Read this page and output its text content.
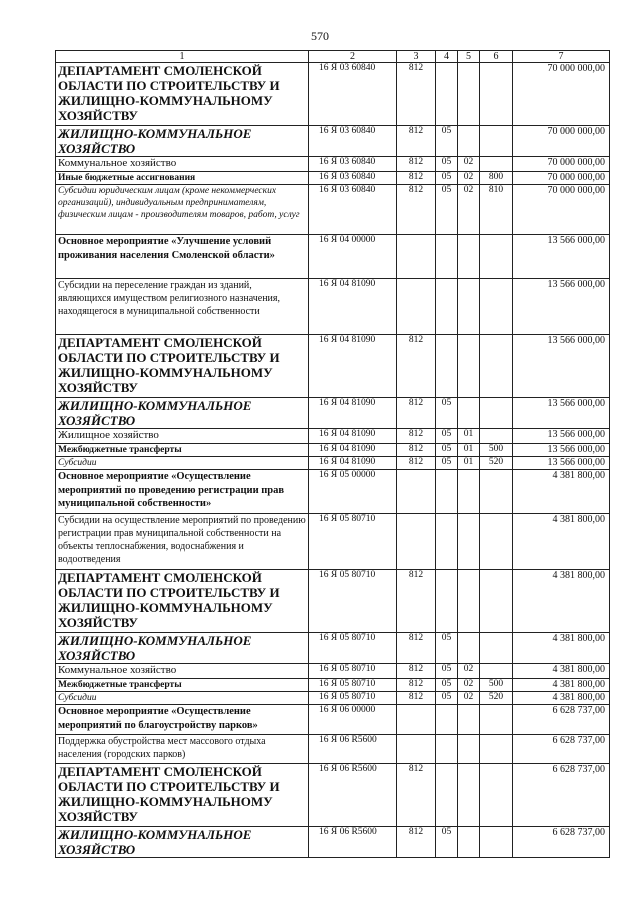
570
1	2	3	4	5	6	7
ДЕПАРТАМЕНТ СМОЛЕНСКОЙ ОБЛАСТИ ПО СТРОИТЕЛЬСТВУ И ЖИЛИЩНО-КОММУНАЛЬНОМУ ХОЗЯЙСТВУ	16 Я 03 60840	812				70 000 000,00
ЖИЛИЩНО-КОММУНАЛЬНОЕ ХОЗЯЙСТВО	16 Я 03 60840	812	05			70 000 000,00
Коммунальное хозяйство	16 Я 03 60840	812	05	02		70 000 000,00
Иные бюджетные ассигнования	16 Я 03 60840	812	05	02	800	70 000 000,00
Субсидии юридическим лицам (кроме некоммерческих организаций), индивидуальным предпринимателям, физическим лицам - производителям товаров, работ, услуг	16 Я 03 60840	812	05	02	810	70 000 000,00
Основное мероприятие «Улучшение условий проживания населения Смоленской области»	16 Я 04 00000					13 566 000,00
Субсидии на переселение граждан из зданий, являющихся имуществом религиозного назначения, находящегося в муниципальной собственности	16 Я 04 81090					13 566 000,00
ДЕПАРТАМЕНТ СМОЛЕНСКОЙ ОБЛАСТИ ПО СТРОИТЕЛЬСТВУ И ЖИЛИЩНО-КОММУНАЛЬНОМУ ХОЗЯЙСТВУ	16 Я 04 81090	812				13 566 000,00
ЖИЛИЩНО-КОММУНАЛЬНОЕ ХОЗЯЙСТВО	16 Я 04 81090	812	05			13 566 000,00
Жилищное хозяйство	16 Я 04 81090	812	05	01		13 566 000,00
Межбюджетные трансферты	16 Я 04 81090	812	05	01	500	13 566 000,00
Субсидии	16 Я 04 81090	812	05	01	520	13 566 000,00
Основное мероприятие «Осуществление мероприятий по проведению регистрации прав муниципальной собственности»	16 Я 05 00000					4 381 800,00
Субсидии на осуществление мероприятий по проведению регистрации прав муниципальной собственности на объекты теплоснабжения, водоснабжения и водоотведения	16 Я 05 80710					4 381 800,00
ДЕПАРТАМЕНТ СМОЛЕНСКОЙ ОБЛАСТИ ПО СТРОИТЕЛЬСТВУ И ЖИЛИЩНО-КОММУНАЛЬНОМУ ХОЗЯЙСТВУ	16 Я 05 80710	812				4 381 800,00
ЖИЛИЩНО-КОММУНАЛЬНОЕ ХОЗЯЙСТВО	16 Я 05 80710	812	05			4 381 800,00
Коммунальное хозяйство	16 Я 05 80710	812	05	02		4 381 800,00
Межбюджетные трансферты	16 Я 05 80710	812	05	02	500	4 381 800,00
Субсидии	16 Я 05 80710	812	05	02	520	4 381 800,00
Основное мероприятие «Осуществление мероприятий по благоустройству парков»	16 Я 06 00000					6 628 737,00
Поддержка обустройства мест массового отдыха населения (городских парков)	16 Я 06 R5600					6 628 737,00
ДЕПАРТАМЕНТ СМОЛЕНСКОЙ ОБЛАСТИ ПО СТРОИТЕЛЬСТВУ И ЖИЛИЩНО-КОММУНАЛЬНОМУ ХОЗЯЙСТВУ	16 Я 06 R5600	812				6 628 737,00
ЖИЛИЩНО-КОММУНАЛЬНОЕ ХОЗЯЙСТВО	16 Я 06 R5600	812	05			6 628 737,00
